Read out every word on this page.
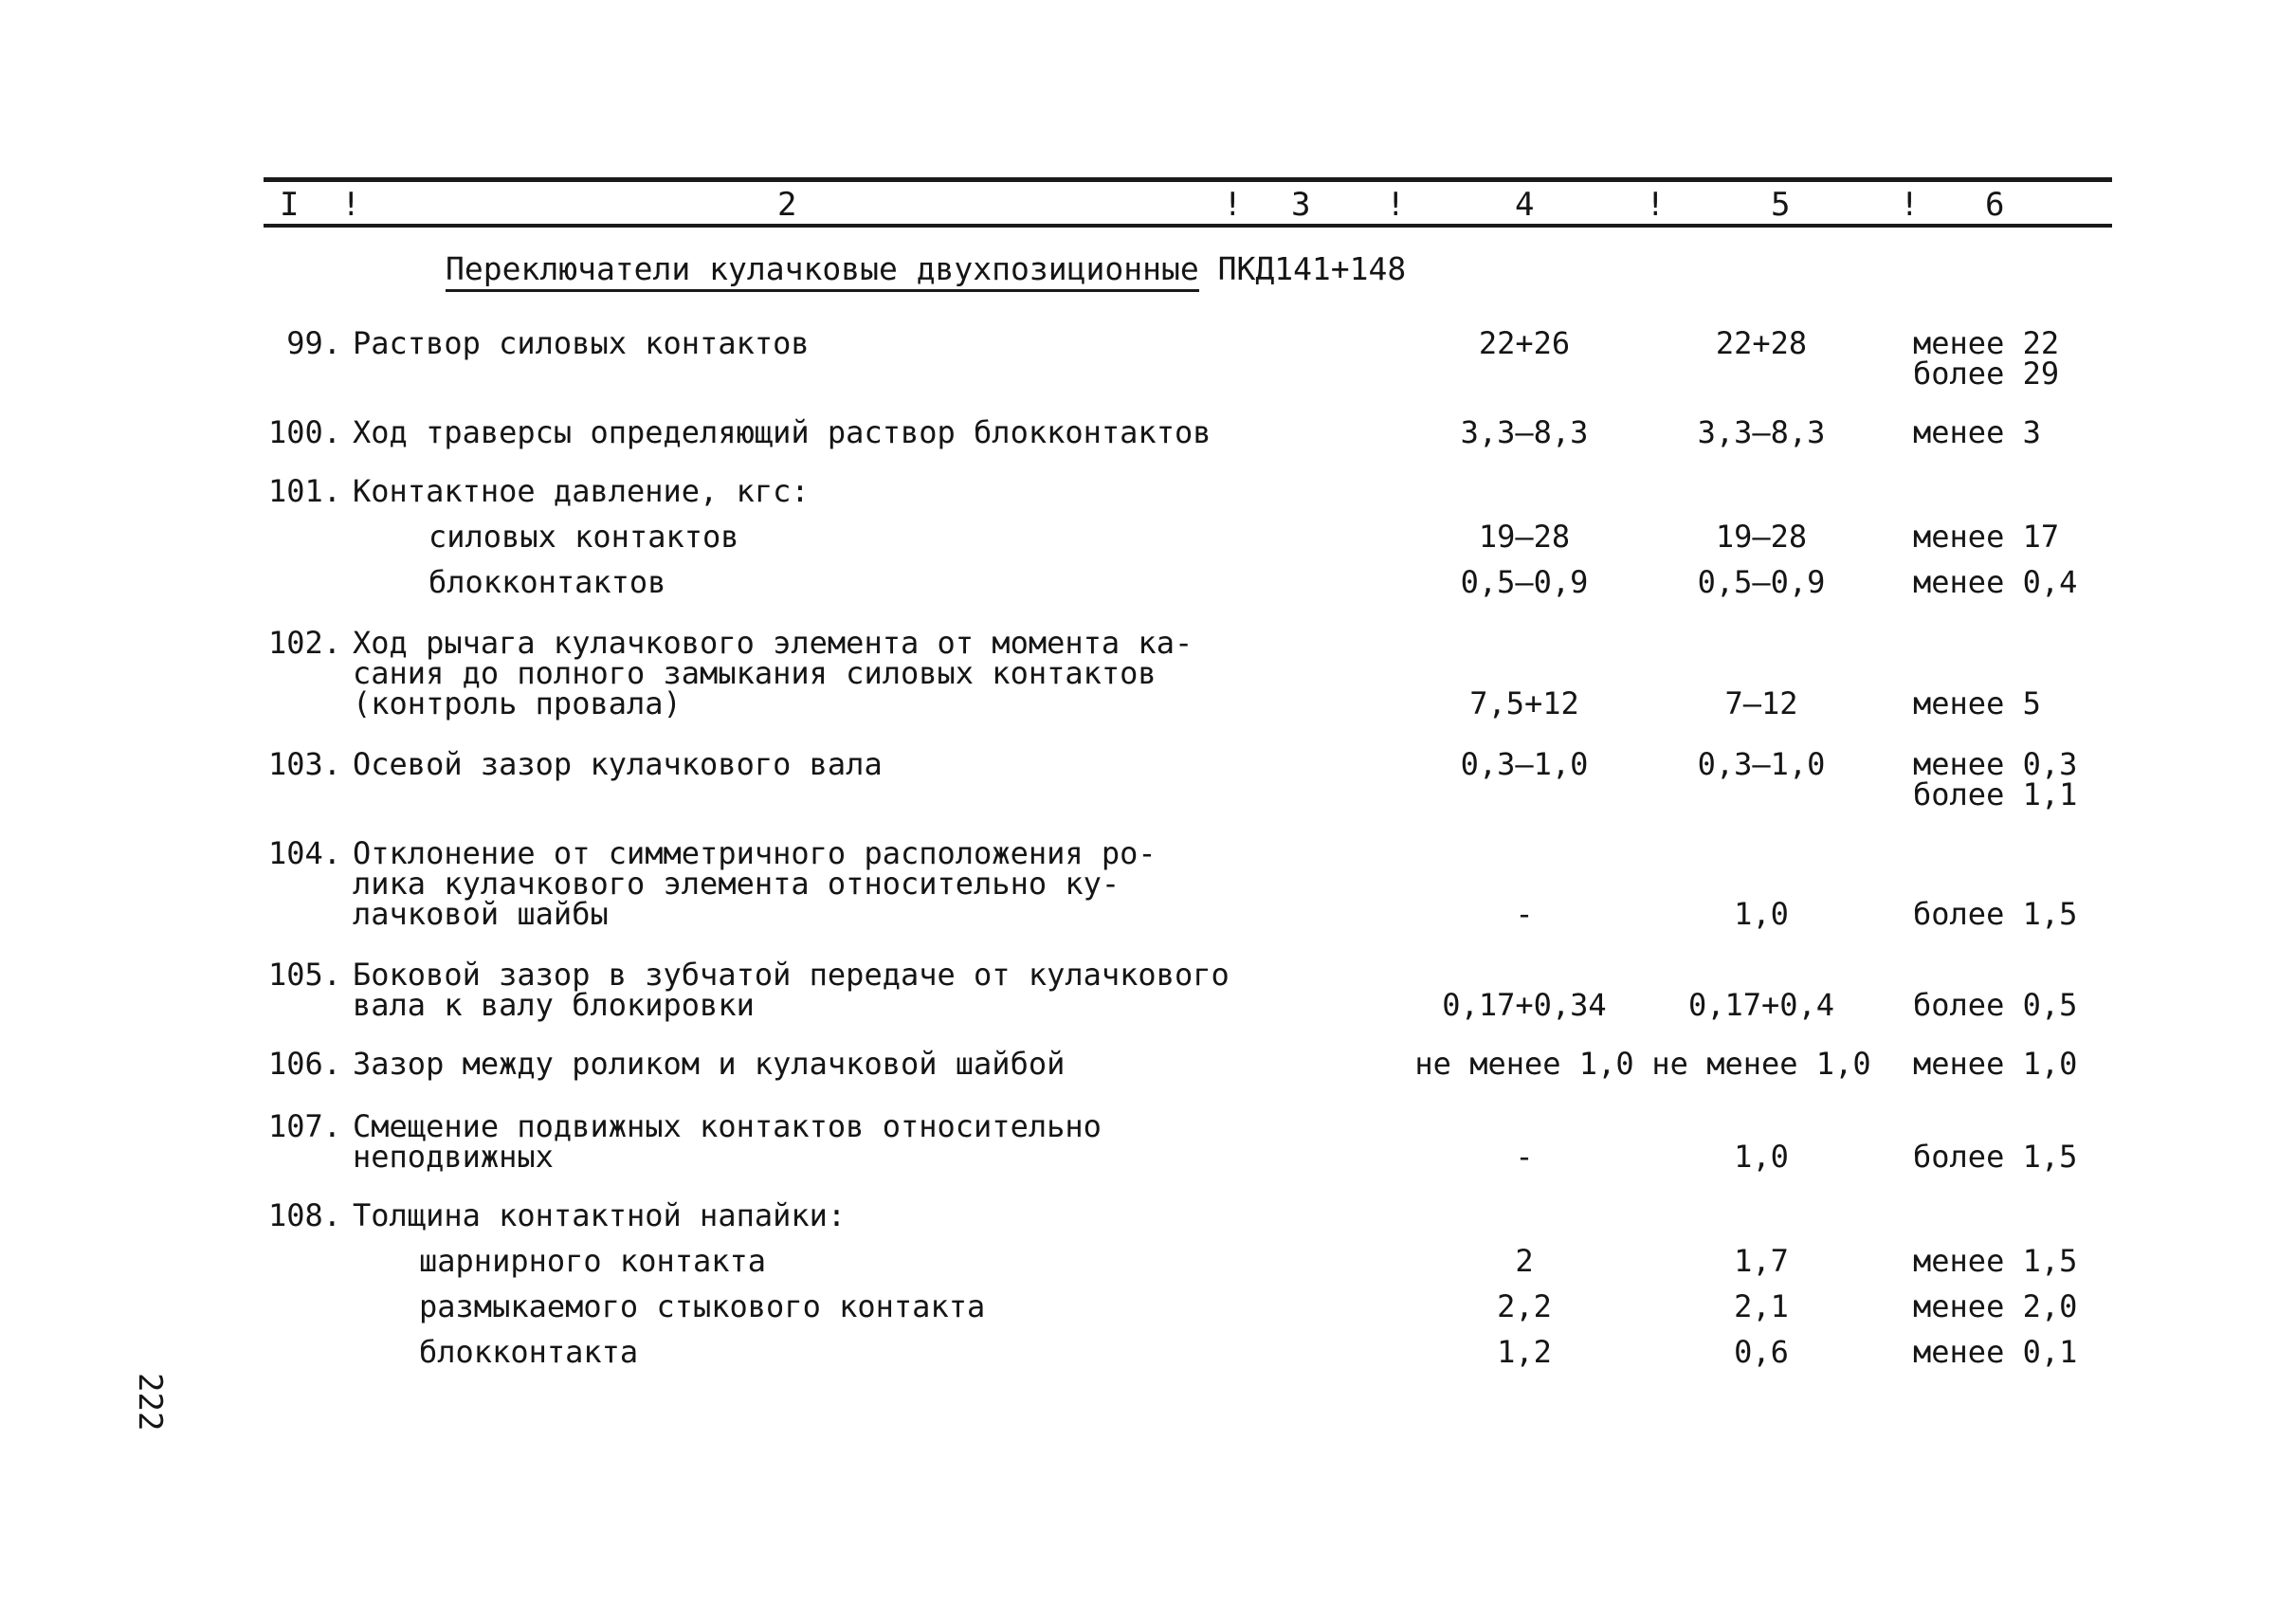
I !	2	! 3 !	4	!	5	! 6
Переключатели кулачковые двухпозиционные ПКД141+148
99. Раствор силовых контактов	22+26	22+28	менее 22
более 29
100. Ход траверсы определяющий раствор блокконтактов	3,3–8,3	3,3–8,3	менее 3
101. Контактное давление, кгс:
силовых контактов	19–28	19–28	менее 17
блокконтактов	0,5–0,9	0,5–0,9	менее 0,4
102. Ход рычага кулачкового элемента от момента ка-
сания до полного замыкания силовых контактов
(контроль провала)	7,5+12	7–12	менее 5
103. Осевой зазор кулачкового вала	0,3–1,0	0,3–1,0	менее 0,3
более 1,1
104. Отклонение от симметричного расположения ро-
лика кулачкового элемента относительно ку-
лачковой шайбы	-	1,0	более 1,5
105. Боковой зазор в зубчатой передаче от кулачкового
вала к валу блокировки	0,17+0,34	0,17+0,4	более 0,5
106. Зазор между роликом и кулачковой шайбой	не менее 1,0 не менее 1,0	менее 1,0
107. Смещение подвижных контактов относительно
неподвижных	-	1,0	более 1,5
108. Толщина контактной напайки:
шарнирного контакта	2	1,7	менее 1,5
размыкаемого стыкового контакта	2,2	2,1	менее 2,0
блокконтакта	1,2	0,6	менее 0,1
222
